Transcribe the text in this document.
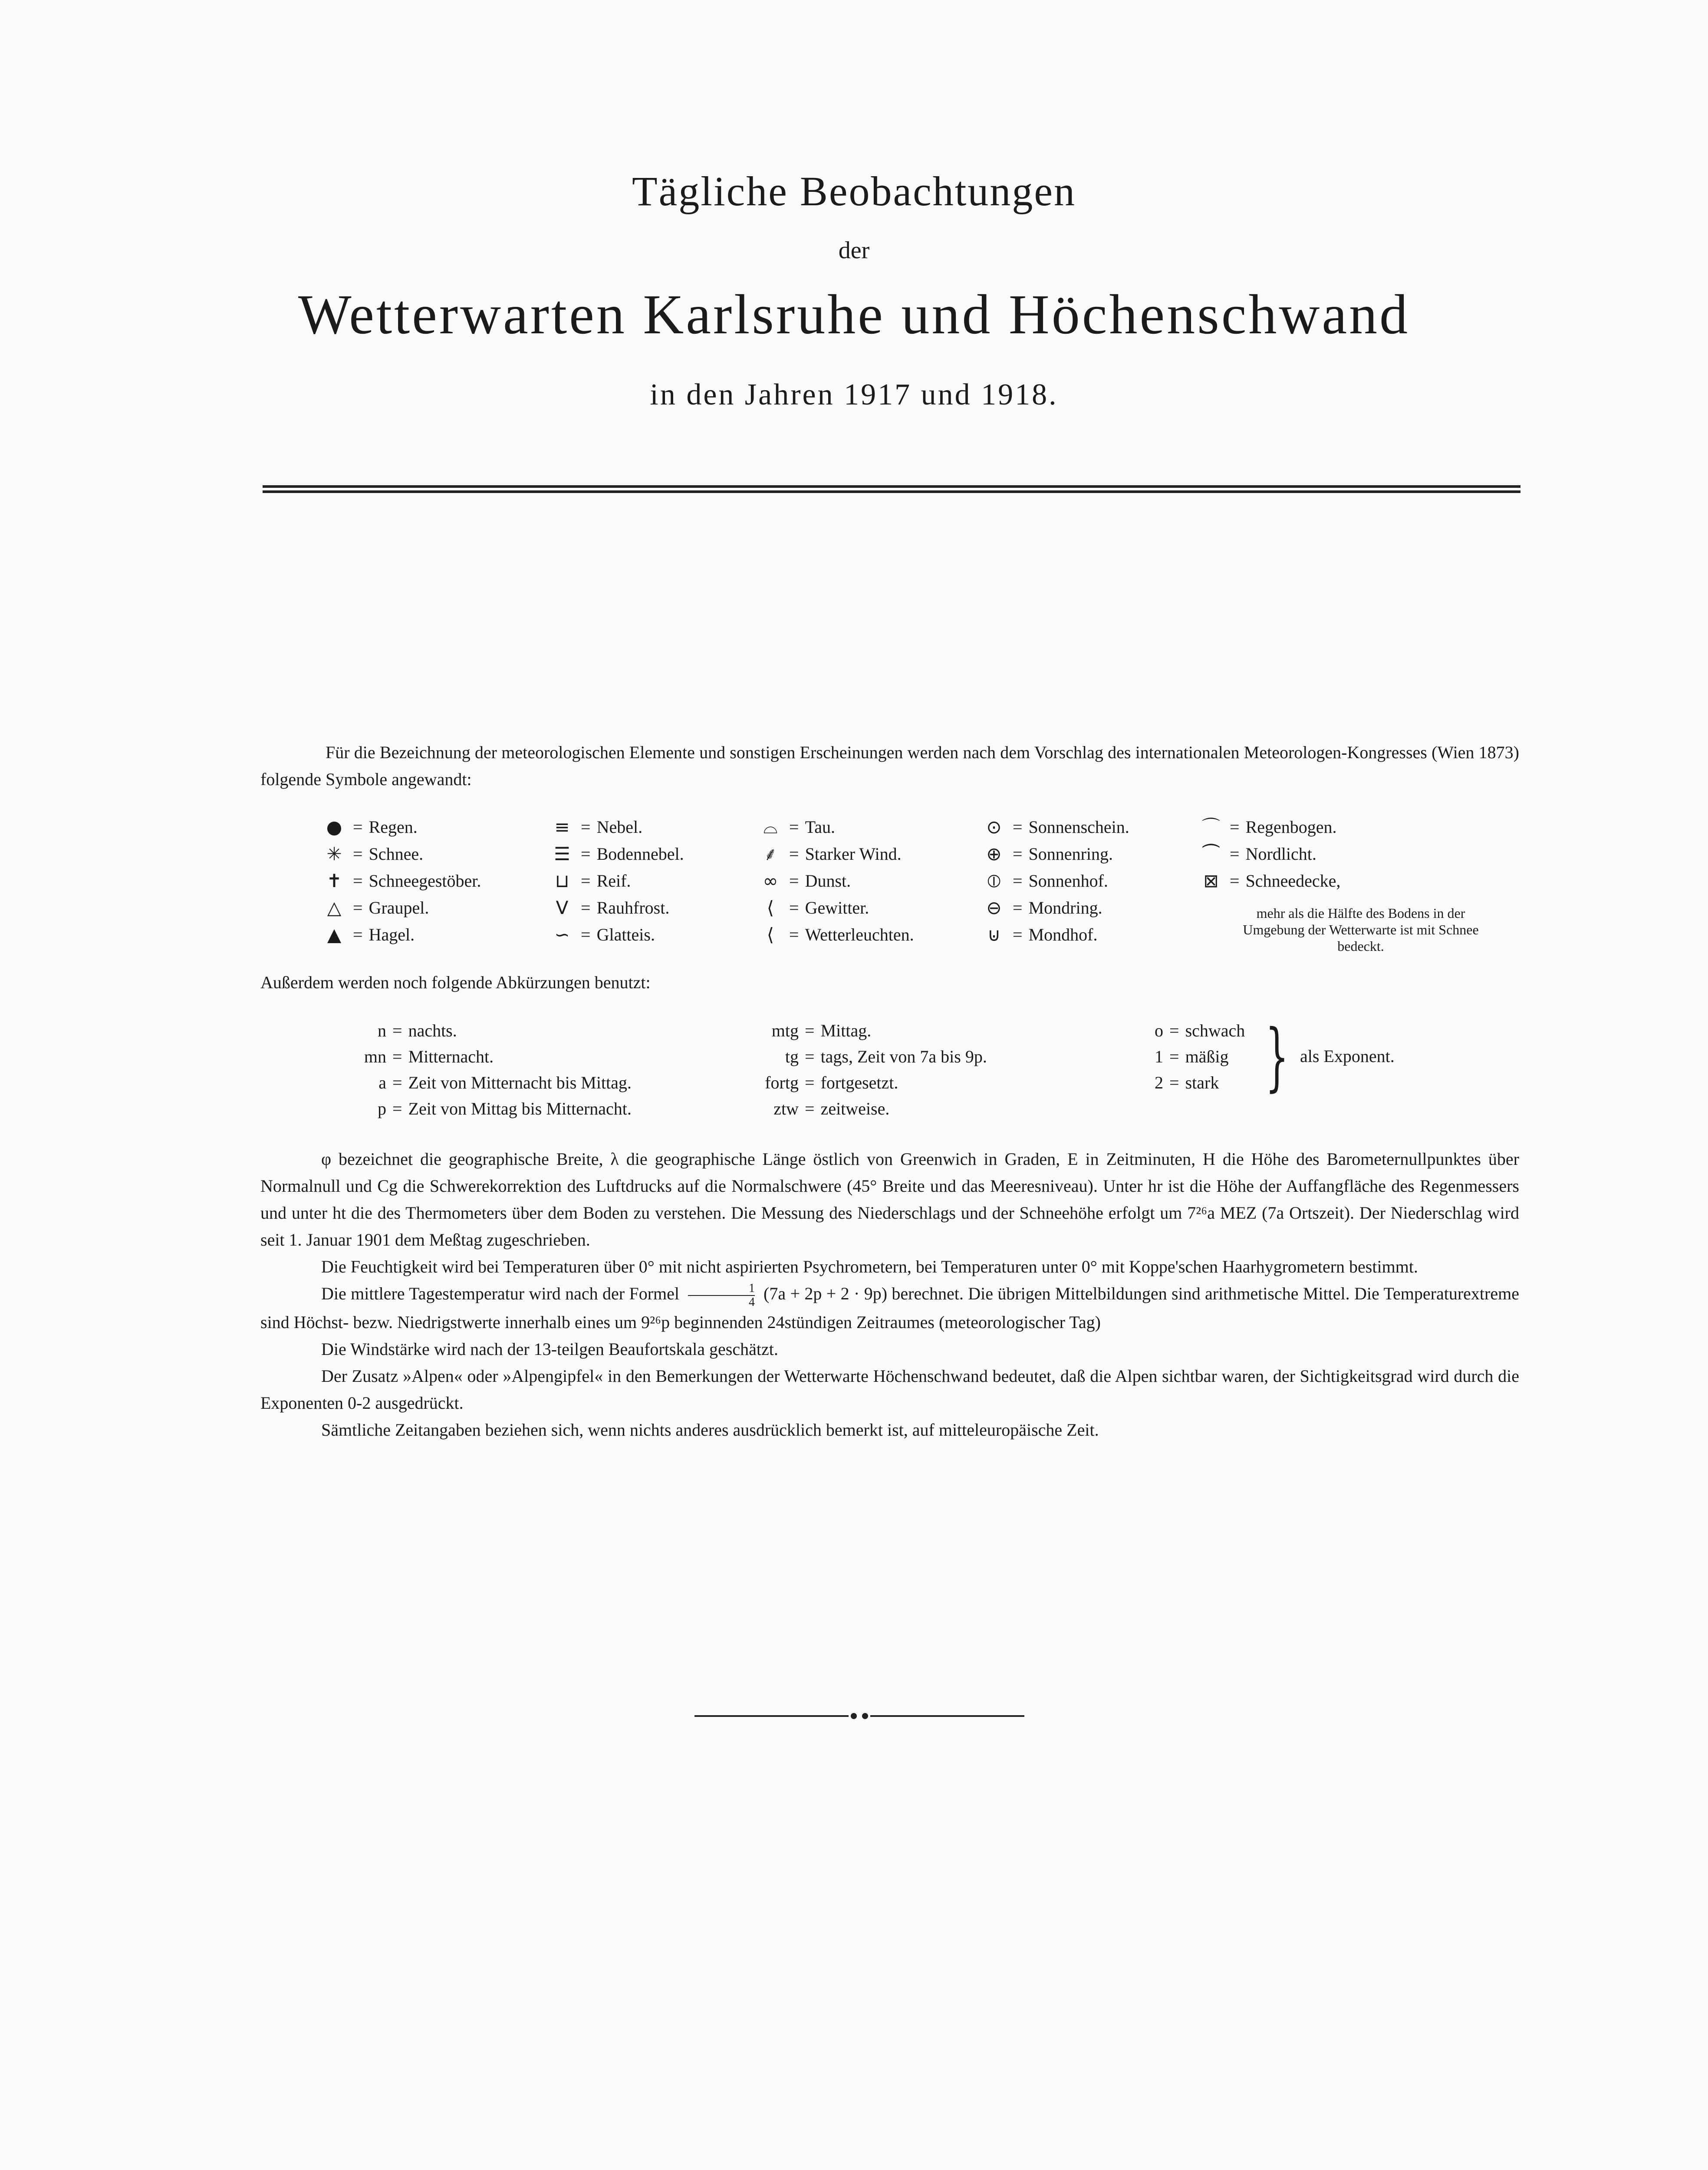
Tägliche Beobachtungen
der
Wetterwarten Karlsruhe und Höchenschwand
in den Jahren 1917 und 1918.
Für die Bezeichnung der meteorologischen Elemente und sonstigen Erscheinungen werden nach dem Vorschlag des internationalen Meteorologen-Kongresses (Wien 1873) folgende Symbole angewandt:
● = Regen.
✳ = Schnee.
✝ = Schneegestöber.
△ = Graupel.
▲ = Hagel.
≡ = Nebel.
☰ = Bodennebel.
⊔ = Reif.
V = Rauhfrost.
∽ = Glatteis.
⌓ = Tau.
⸙ = Starker Wind.
∞ = Dunst.
⟨ = Gewitter.
⟨ = Wetterleuchten.
⊙ = Sonnenschein.
⊕ = Sonnenring.
⦶ = Sonnenhof.
⊖ = Mondring.
⊍ = Mondhof.
⌒ = Regenbogen.
⏜ = Nordlicht.
⊠ = Schneedecke,
mehr als die Hälfte des Bodens in der Umgebung der Wetterwarte ist mit Schnee bedeckt.
Außerdem werden noch folgende Abkürzungen benutzt:
n = nachts.
mn = Mitternacht.
a = Zeit von Mitternacht bis Mittag.
p = Zeit von Mittag bis Mitternacht.
mtg = Mittag.
tg = tags, Zeit von 7a bis 9p.
fortg = fortgesetzt.
ztw = zeitweise.
o = schwach
1 = mäßig
2 = stark } als Exponent.

φ bezeichnet die geographische Breite, λ die geographische Länge östlich von Greenwich in Graden, E in Zeitminuten, H die Höhe des Barometernullpunktes über Normalnull und Cg die Schwerekorrektion des Luftdrucks auf die Normalschwere (45° Breite und das Meeresniveau). Unter hr ist die Höhe der Auffangfläche des Regenmessers und unter ht die des Thermometers über dem Boden zu verstehen. Die Messung des Niederschlags und der Schneehöhe erfolgt um 7²⁶a MEZ (7a Ortszeit). Der Niederschlag wird seit 1. Januar 1901 dem Meßtag zugeschrieben.

Die Feuchtigkeit wird bei Temperaturen über 0° mit nicht aspirierten Psychrometern, bei Temperaturen unter 0° mit Koppe'schen Haarhygrometern bestimmt.

Die mittlere Tagestemperatur wird nach der Formel $\frac{1}{4} (7a + 2p + 2 \cdot 9p)$ berechnet. Die übrigen Mittelbildungen sind arithmetische Mittel. Die Temperaturextreme sind Höchst- bezw. Niedrigstwerte innerhalb eines um 9²⁶p beginnenden 24stündigen Zeitraumes (meteorologischer Tag)

Die Windstärke wird nach der 13-teilgen Beaufortskala geschätzt.

Der Zusatz »Alpen« oder »Alpengipfel« in den Bemerkungen der Wetterwarte Höchenschwand bedeutet, daß die Alpen sichtbar waren, der Sichtigkeitsgrad wird durch die Exponenten 0-2 ausgedrückt.

Sämtliche Zeitangaben beziehen sich, wenn nichts anderes ausdrücklich bemerkt ist, auf mitteleuropäische Zeit.
